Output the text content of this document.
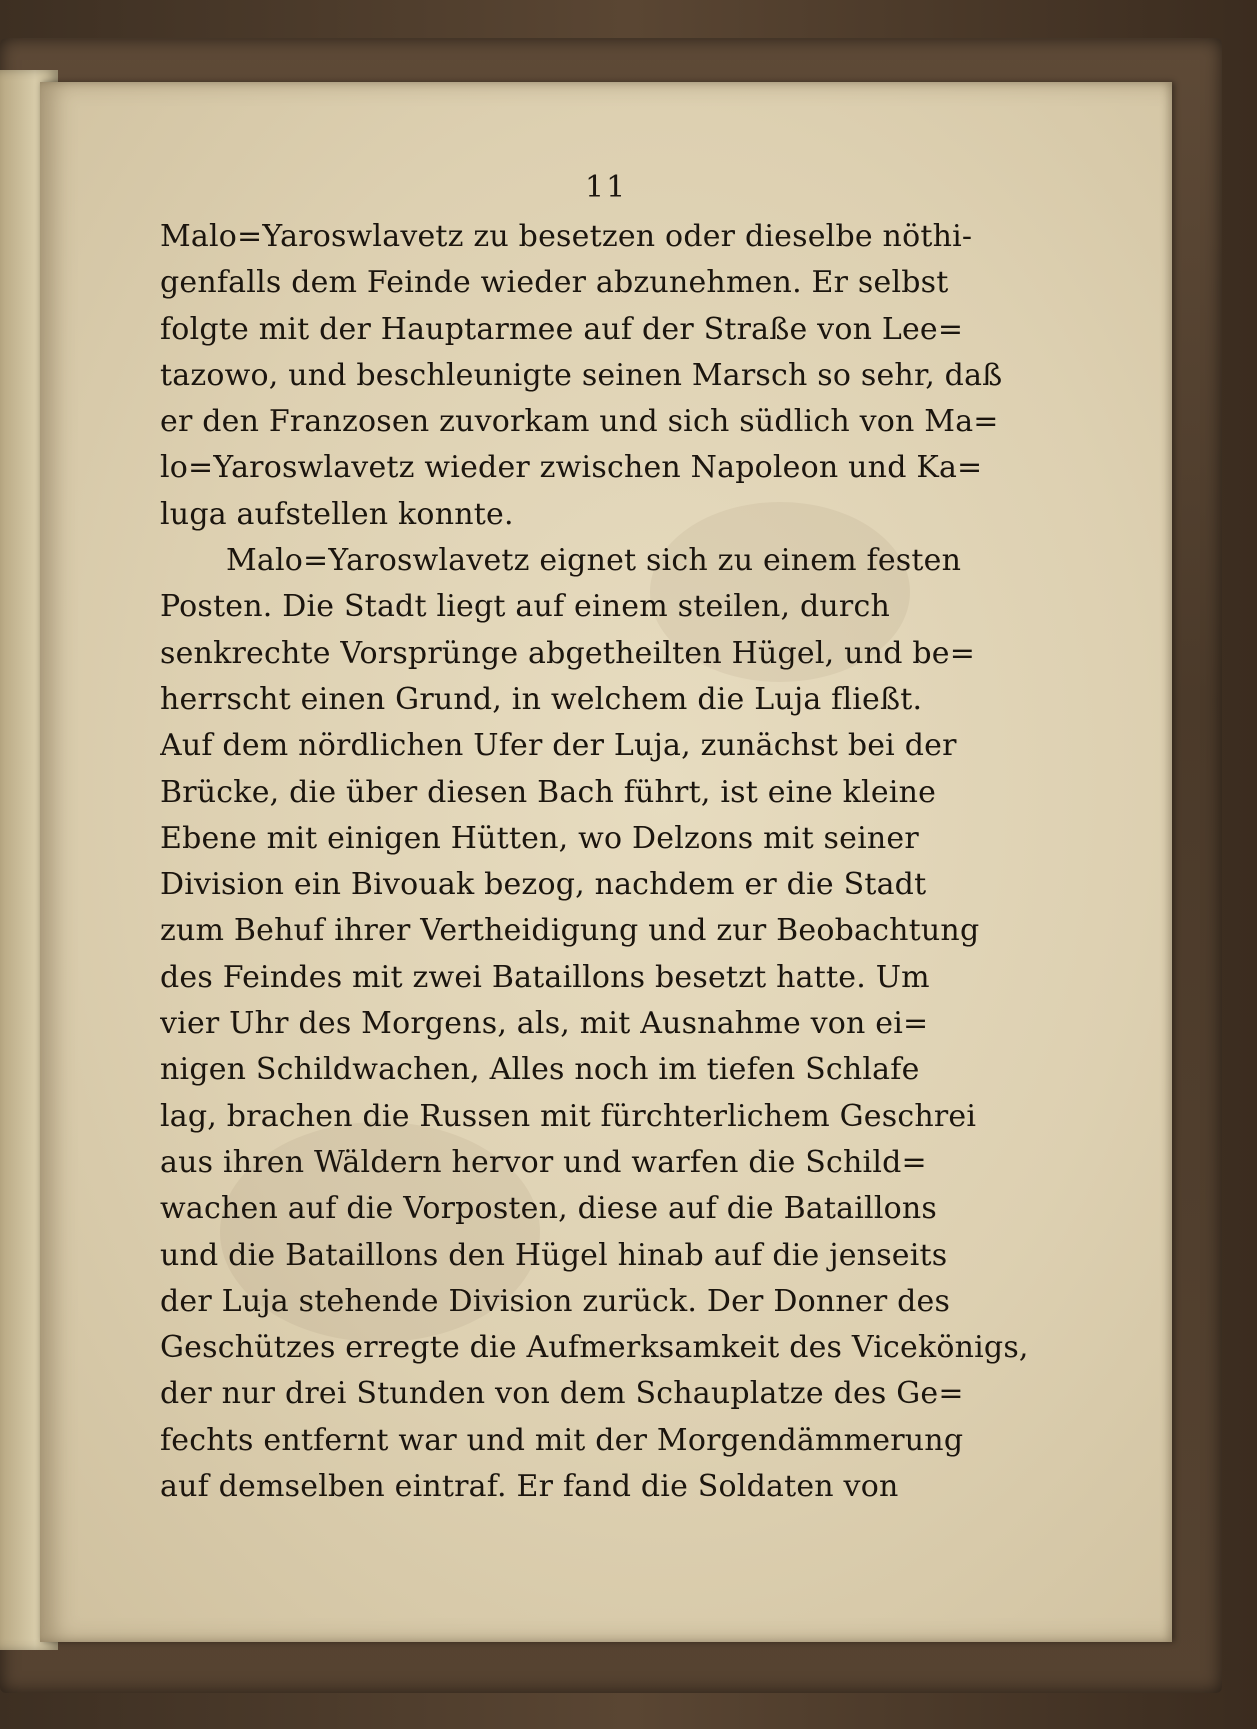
11
Malo=Yaroswlavetz zu besetzen oder dieselbe nöthi-
genfalls dem Feinde wieder abzunehmen. Er selbst
folgte mit der Hauptarmee auf der Straße von Lee=
tazowo, und beschleunigte seinen Marsch so sehr, daß
er den Franzosen zuvorkam und sich südlich von Ma=
lo=Yaroswlavetz wieder zwischen Napoleon und Ka=
luga aufstellen konnte.
Malo=Yaroswlavetz eignet sich zu einem festen
Posten. Die Stadt liegt auf einem steilen, durch
senkrechte Vorsprünge abgetheilten Hügel, und be=
herrscht einen Grund, in welchem die Luja fließt.
Auf dem nördlichen Ufer der Luja, zunächst bei der
Brücke, die über diesen Bach führt, ist eine kleine
Ebene mit einigen Hütten, wo Delzons mit seiner
Division ein Bivouak bezog, nachdem er die Stadt
zum Behuf ihrer Vertheidigung und zur Beobachtung
des Feindes mit zwei Bataillons besetzt hatte. Um
vier Uhr des Morgens, als, mit Ausnahme von ei=
nigen Schildwachen, Alles noch im tiefen Schlafe
lag, brachen die Russen mit fürchterlichem Geschrei
aus ihren Wäldern hervor und warfen die Schild=
wachen auf die Vorposten, diese auf die Bataillons
und die Bataillons den Hügel hinab auf die jenseits
der Luja stehende Division zurück. Der Donner des
Geschützes erregte die Aufmerksamkeit des Vicekönigs,
der nur drei Stunden von dem Schauplatze des Ge=
fechts entfernt war und mit der Morgendämmerung
auf demselben eintraf. Er fand die Soldaten von
